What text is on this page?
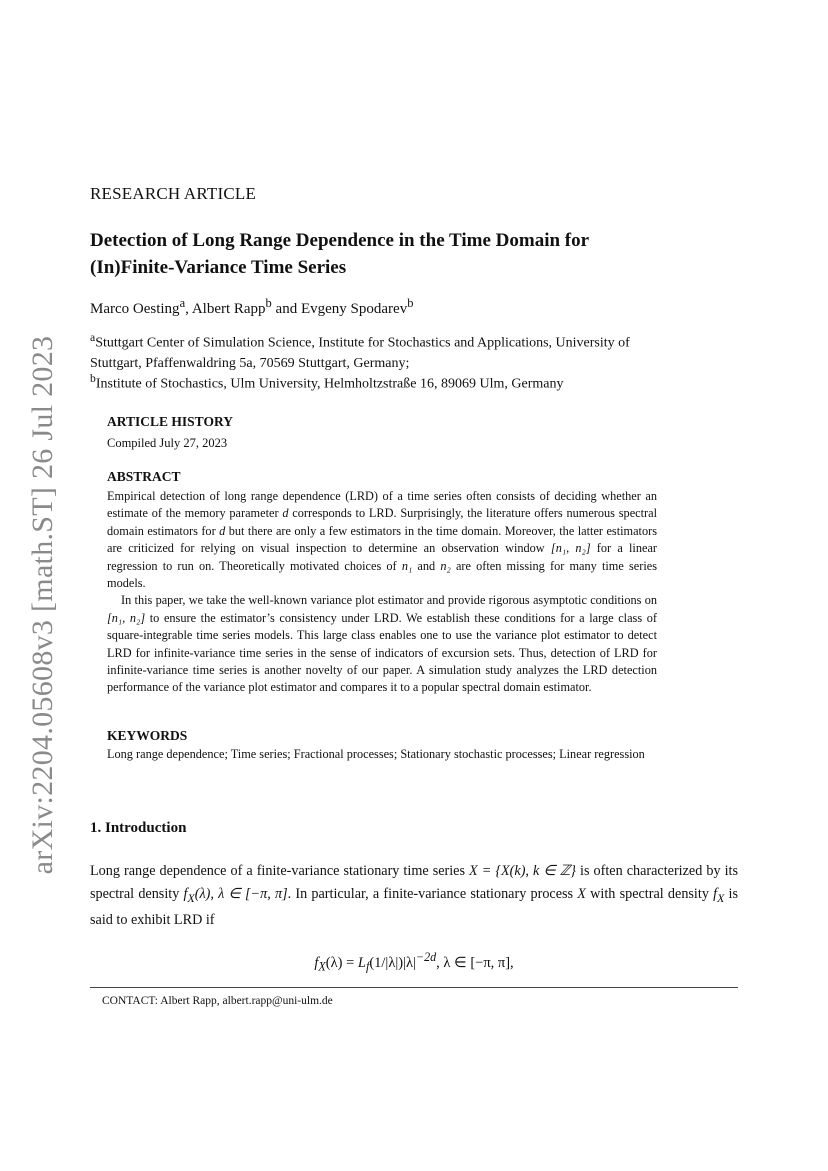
arXiv:2204.05608v3 [math.ST] 26 Jul 2023
RESEARCH ARTICLE
Detection of Long Range Dependence in the Time Domain for
(In)Finite-Variance Time Series
Marco Oesting$^a$, Albert Rapp$^b$ and Evgeny Spodarev$^b$
$^a$Stuttgart Center of Simulation Science, Institute for Stochastics and Applications, University of
Stuttgart, Pfaffenwaldring 5a, 70569 Stuttgart, Germany;
$^b$Institute of Stochastics, Ulm University, Helmholtzstraße 16, 89069 Ulm, Germany
ARTICLE HISTORY
Compiled July 27, 2023
ABSTRACT

Empirical detection of long range dependence (LRD) of a time series often consists of deciding whether an estimate of the memory parameter d corresponds to LRD. Surprisingly, the literature offers numerous spectral domain estimators for d but there are only a few estimators in the time domain. Moreover, the latter estimators are criticized for relying on visual inspection to determine an observation window [n₁, n₂] for a linear regression to run on. Theoretically motivated choices of n₁ and n₂ are often missing for many time series models.

In this paper, we take the well-known variance plot estimator and provide rigorous asymptotic conditions on [n₁, n₂] to ensure the estimator’s consistency under LRD. We establish these conditions for a large class of square-integrable time series models. This large class enables one to use the variance plot estimator to detect LRD for infinite-variance time series in the sense of indicators of excursion sets. Thus, detection of LRD for infinite-variance time series is another novelty of our paper. A simulation study analyzes the LRD detection performance of the variance plot estimator and compares it to a popular spectral domain estimator.

KEYWORDS
Long range dependence; Time series; Fractional processes; Stationary stochastic processes; Linear regression
1. Introduction

Long range dependence of a finite-variance stationary time series X = {X(k), k ∈ ℤ} is often characterized by its spectral density $f_X(\lambda)$, λ ∈ [−π, π]. In particular, a finite-variance stationary process X with spectral density $f_X$ is said to exhibit LRD if

$f_X(\lambda) = L_f(1/|\lambda|)|\lambda|^{-2d}$, λ ∈ [−π, π],
CONTACT: Albert Rapp, albert.rapp@uni-ulm.de
